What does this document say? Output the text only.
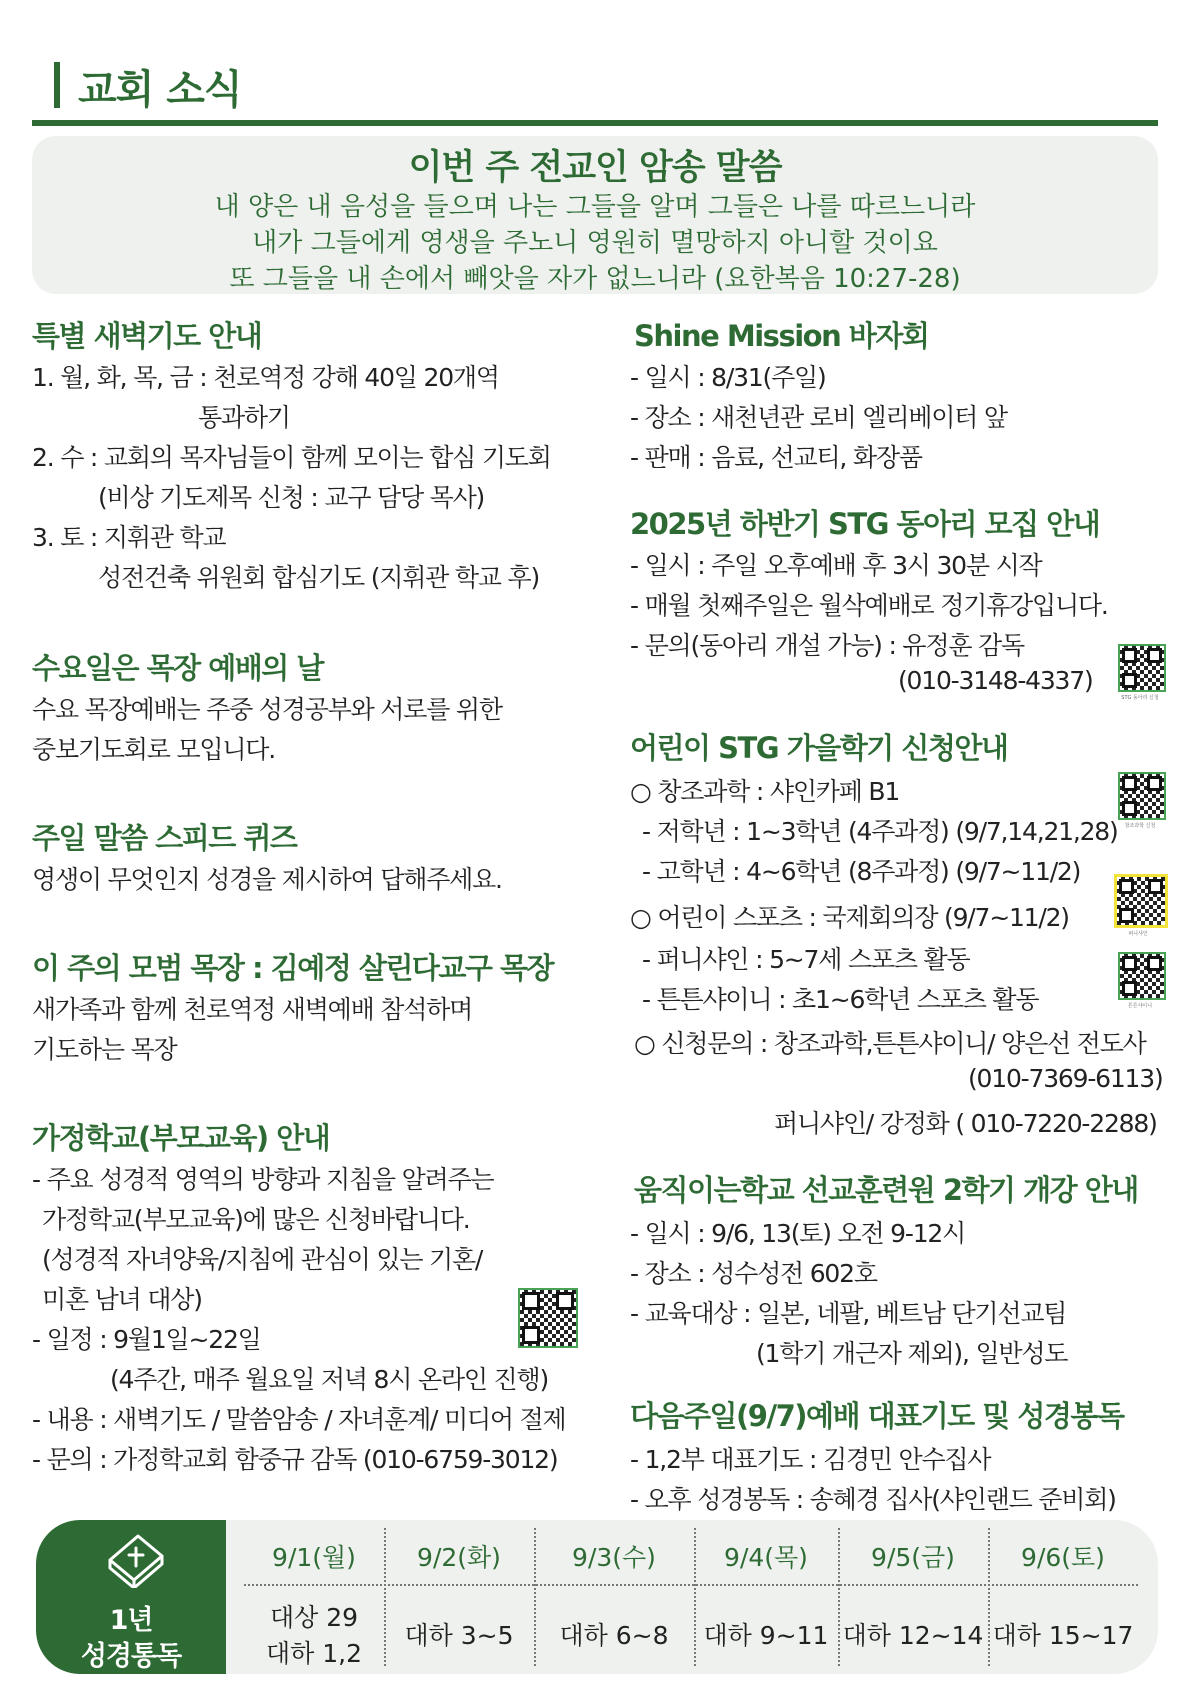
교회 소식
이번 주 전교인 암송 말씀
내 양은 내 음성을 들으며 나는 그들을 알며 그들은 나를 따르느니라
내가 그들에게 영생을 주노니 영원히 멸망하지 아니할 것이요
또 그들을 내 손에서 빼앗을 자가 없느니라 (요한복음 10:27-28)
특별 새벽기도 안내
1. 월, 화, 목, 금 : 천로역정 강해 40일 20개역
통과하기
2. 수 : 교회의 목자님들이 함께 모이는 합심 기도회
(비상 기도제목 신청 : 교구 담당 목사)
3. 토 : 지휘관 학교
성전건축 위원회 합심기도 (지휘관 학교 후)
수요일은 목장 예배의 날
수요 목장예배는 주중 성경공부와 서로를 위한
중보기도회로 모입니다.
주일 말씀 스피드 퀴즈
영생이 무엇인지 성경을 제시하여 답해주세요.
이 주의 모범 목장 : 김예정 살린다교구 목장
새가족과 함께 천로역정 새벽예배 참석하며
기도하는 목장
가정학교(부모교육) 안내
- 주요 성경적 영역의 방향과 지침을 알려주는
가정학교(부모교육)에 많은 신청바랍니다.
(성경적 자녀양육/지침에 관심이 있는 기혼/
미혼 남녀 대상)
- 일정 : 9월1일~22일
(4주간, 매주 월요일 저녁 8시 온라인 진행)
- 내용 : 새벽기도 / 말씀암송 / 자녀훈계/ 미디어 절제
- 문의 : 가정학교회 함중규 감독 (010-6759-3012)
Shine Mission 바자회
- 일시 : 8/31(주일)
- 장소 : 새천년관 로비 엘리베이터 앞
- 판매 : 음료, 선교티, 화장품
2025년 하반기 STG 동아리 모집 안내
- 일시 : 주일 오후예배 후 3시 30분 시작
- 매월 첫째주일은 월삭예배로 정기휴강입니다.
- 문의(동아리 개설 가능) : 유정훈 감독
(010-3148-4337)
STG 동아리 신청
어린이 STG 가을학기 신청안내
○ 창조과학 : 샤인카페 B1
- 저학년 : 1~3학년 (4주과정) (9/7,14,21,28)
- 고학년 : 4~6학년 (8주과정) (9/7~11/2)
○ 어린이 스포츠 : 국제회의장 (9/7~11/2)
- 퍼니샤인 : 5~7세 스포츠 활동
- 튼튼샤이니 : 초1~6학년 스포츠 활동
○ 신청문의 : 창조과학,튼튼샤이니/ 양은선 전도사
(010-7369-6113)
퍼니샤인/ 강정화 ( 010-7220-2288)
창조과학 신청
퍼니샤인
튼튼샤이니
움직이는학교 선교훈련원 2학기 개강 안내
- 일시 : 9/6, 13(토) 오전 9-12시
- 장소 : 성수성전 602호
- 교육대상 : 일본, 네팔, 베트남 단기선교팀
(1학기 개근자 제외), 일반성도
다음주일(9/7)예배 대표기도 및 성경봉독
- 1,2부 대표기도 : 김경민 안수집사
- 오후 성경봉독 : 송혜경 집사(샤인랜드 준비회)
1년
성경통독
9/1(월)	9/2(화)	9/3(수)	9/4(목)	9/5(금)	9/6(토)
대상 29
대하 1,2
대하 3~5	대하 6~8	대하 9~11 대하 12~14 대하 15~17
